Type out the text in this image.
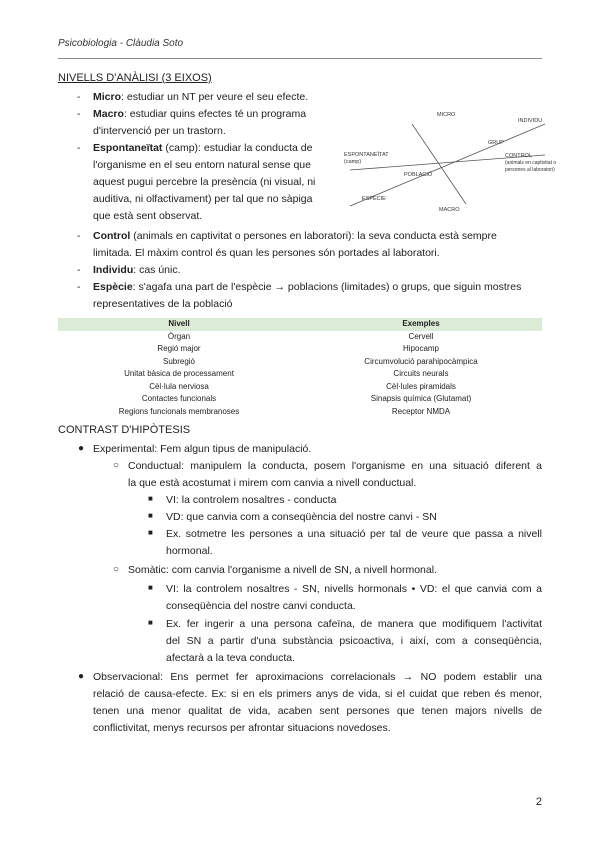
Psicobiologia - Clàudia Soto
NIVELLS D'ANÀLISI (3 EIXOS)
- Micro: estudiar un NT per veure el seu efecte.
- Macro: estudiar quins efectes té un programa
d'intervenció per un trastorn.
- Espontaneïtat (camp): estudiar la conducta de
l'organisme en el seu entorn natural sense que
aquest pugui percebre la presència (ni visual, ni
auditiva, ni olfactivament) per tal que no sàpiga
que està sent observat.
- Control (animals en captivitat o persones en laboratori): la seva conducta està sempre
limitada. El màxim control és quan les persones són portades al laboratori.
- Individu: cas únic.
- Espècie: s'agafa una part de l'espècie → poblacions (limitades) o grups, que siguin mostres
representatives de la població
MICRO
INDIVIDU
GRUP
ESPONTANEÏTAT
(camp)
CONTROL
(animals en captivitat o
persones al laboratori)
POBLACIÓ
ESPÈCIE
MACRO
Nivell	Exemples
Òrgan	Cervell
Regió major	Hipocamp
Subregió	Circumvolució parahipocàmpica
Unitat bàsica de processament	Circuits neurals
Cèl·lula nerviosa	Cèl·lules piramidals
Contactes funcionals	Sinapsis química (Glutamat)
Regions funcionals membranoses	Receptor NMDA
CONTRAST D'HIPÒTESIS
● Experimental: Fem algun tipus de manipulació.
○ Conductual: manipulem la conducta, posem l'organisme en una situació diferent a
la que està acostumat i mirem com canvia a nivell conductual.
■ VI: la controlem nosaltres - conducta
■ VD: que canvia com a conseqüència del nostre canvi - SN
■ Ex. sotmetre les persones a una situació per tal de veure que passa a nivell
hormonal.
○ Somàtic: com canvia l'organisme a nivell de SN, a nivell hormonal.
■ VI: la controlem nosaltres - SN, nivells hormonals • VD: el que canvia com a
conseqüència del nostre canvi conducta.
■ Ex. fer ingerir a una persona cafeïna, de manera que modifiquem l'activitat
del SN a partir d'una substància psicoactiva, i així, com a conseqüència,
afectarà a la teva conducta.
● Observacional: Ens permet fer aproximacions correlacionals → NO podem establir una
relació de causa-efecte. Ex: si en els primers anys de vida, si el cuidat que reben és menor,
tenen una menor qualitat de vida, acaben sent persones que tenen majors nivells de
conflictivitat, menys recursos per afrontar situacions novedoses.
2
